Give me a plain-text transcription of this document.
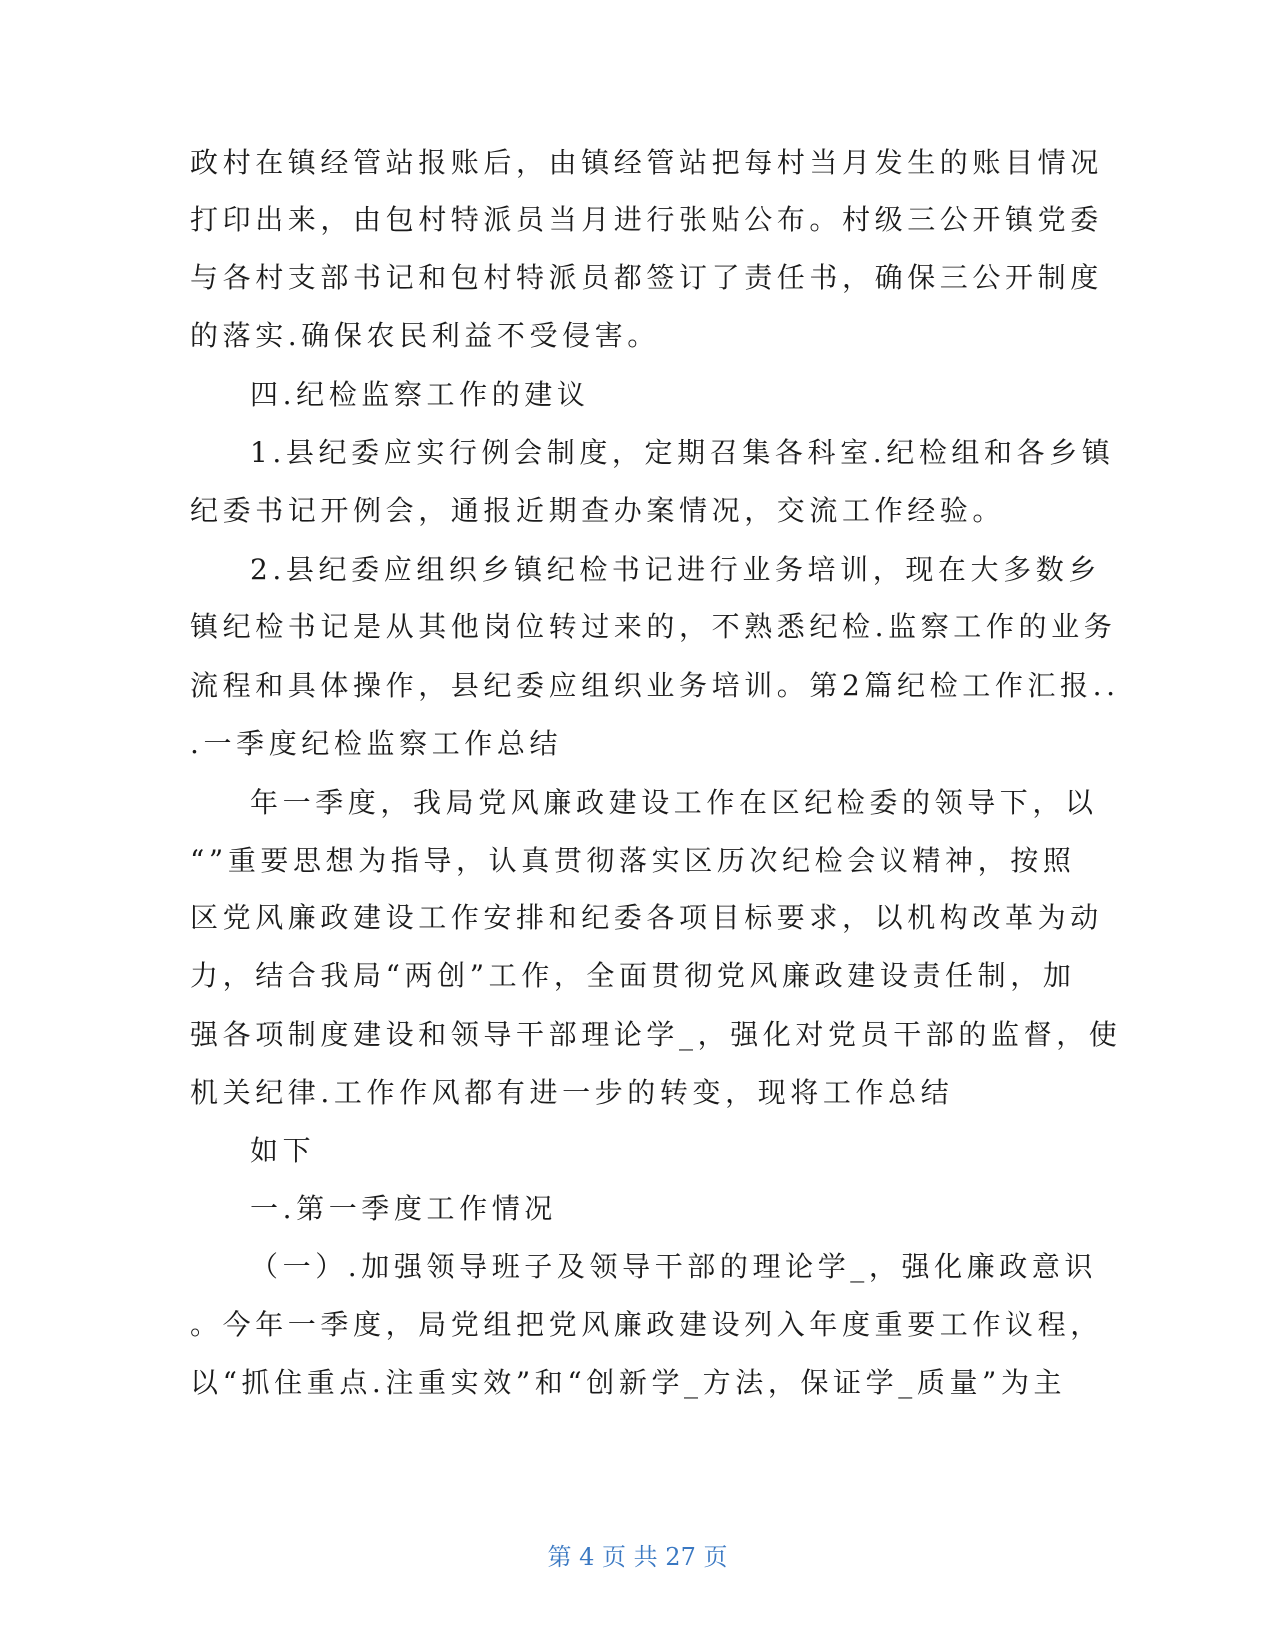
政村在镇经管站报账后，由镇经管站把每村当月发生的账目情况
打印出来，由包村特派员当月进行张贴公布。村级三公开镇党委
与各村支部书记和包村特派员都签订了责任书，确保三公开制度
的落实.确保农民利益不受侵害。
四.纪检监察工作的建议
1.县纪委应实行例会制度，定期召集各科室.纪检组和各乡镇
纪委书记开例会，通报近期查办案情况，交流工作经验。
2.县纪委应组织乡镇纪检书记进行业务培训，现在大多数乡
镇纪检书记是从其他岗位转过来的，不熟悉纪检.监察工作的业务
流程和具体操作，县纪委应组织业务培训。第2篇纪检工作汇报..
.一季度纪检监察工作总结
年一季度，我局党风廉政建设工作在区纪检委的领导下，以
“”重要思想为指导，认真贯彻落实区历次纪检会议精神，按照
区党风廉政建设工作安排和纪委各项目标要求，以机构改革为动
力，结合我局“两创”工作，全面贯彻党风廉政建设责任制，加
强各项制度建设和领导干部理论学_，强化对党员干部的监督，使
机关纪律.工作作风都有进一步的转变，现将工作总结
如下
一.第一季度工作情况
（一）.加强领导班子及领导干部的理论学_，强化廉政意识
。今年一季度，局党组把党风廉政建设列入年度重要工作议程，
以“抓住重点.注重实效”和“创新学_方法，保证学_质量”为主
第 4 页 共 27 页
